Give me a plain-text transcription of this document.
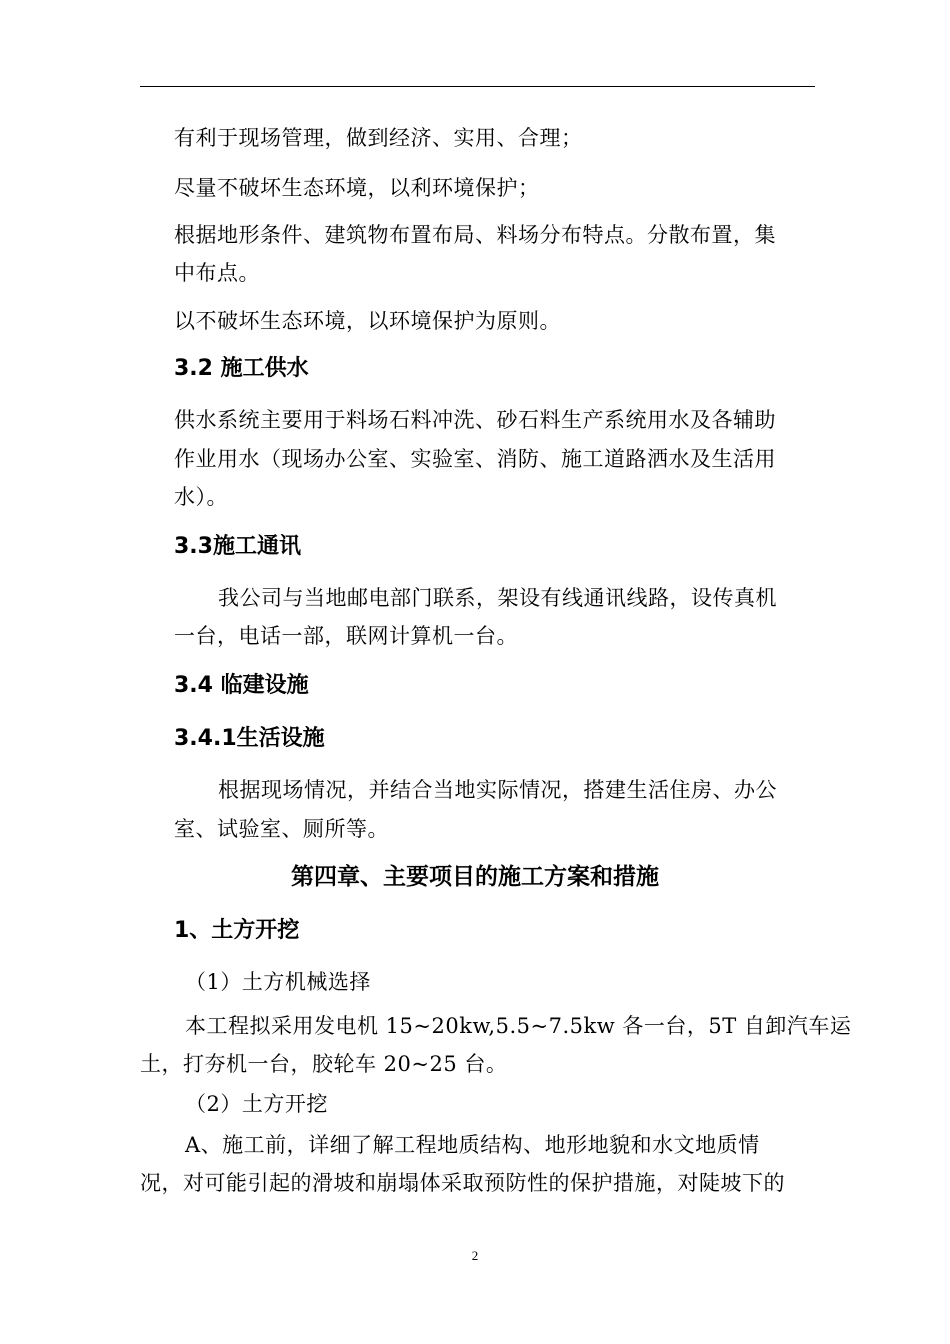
有利于现场管理，做到经济、实用、合理；
尽量不破坏生态环境，以利环境保护；
根据地形条件、建筑物布置布局、料场分布特点。分散布置，集
中布点。
以不破坏生态环境，以环境保护为原则。
3.2 施工供水
供水系统主要用于料场石料冲洗、砂石料生产系统用水及各辅助
作业用水（现场办公室、实验室、消防、施工道路洒水及生活用
水）。
3.3施工通讯
我公司与当地邮电部门联系，架设有线通讯线路，设传真机
一台，电话一部，联网计算机一台。
3.4 临建设施
3.4.1生活设施
根据现场情况，并结合当地实际情况，搭建生活住房、办公
室、试验室、厕所等。
第四章、主要项目的施工方案和措施
1、土方开挖
（1）土方机械选择
本工程拟采用发电机 15~20kw,5.5~7.5kw 各一台，5T 自卸汽车运
土，打夯机一台，胶轮车 20~25 台。
（2）土方开挖
A、施工前，详细了解工程地质结构、地形地貌和水文地质情
况，对可能引起的滑坡和崩塌体采取预防性的保护措施，对陡坡下的
2
